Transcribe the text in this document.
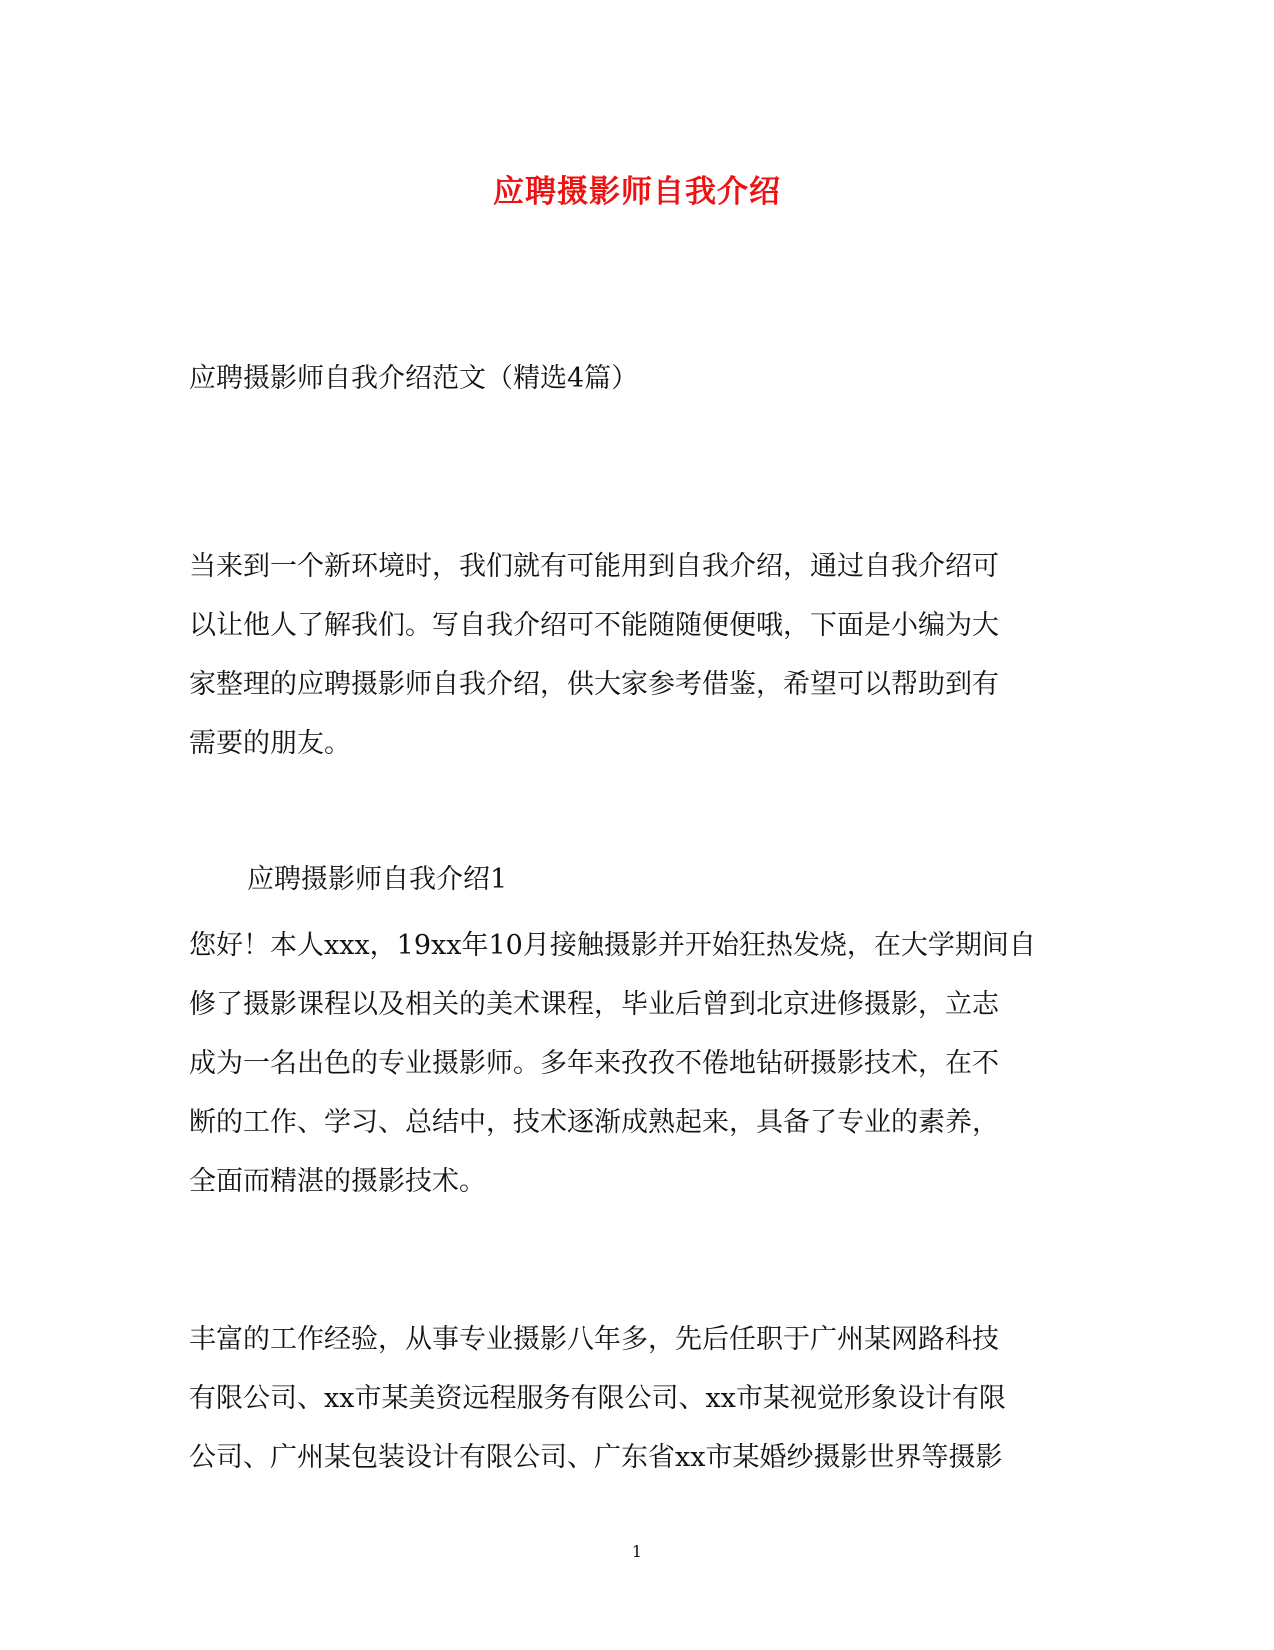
应聘摄影师自我介绍
应聘摄影师自我介绍范文（精选4篇）
当来到一个新环境时，我们就有可能用到自我介绍，通过自我介绍可
以让他人了解我们。写自我介绍可不能随随便便哦，下面是小编为大
家整理的应聘摄影师自我介绍，供大家参考借鉴，希望可以帮助到有
需要的朋友。
应聘摄影师自我介绍1
您好！本人xxx，19xx年10月接触摄影并开始狂热发烧，在大学期间自
修了摄影课程以及相关的美术课程，毕业后曾到北京进修摄影，立志
成为一名出色的专业摄影师。多年来孜孜不倦地钻研摄影技术，在不
断的工作、学习、总结中，技术逐渐成熟起来，具备了专业的素养，
全面而精湛的摄影技术。
丰富的工作经验，从事专业摄影八年多，先后任职于广州某网路科技
有限公司、xx市某美资远程服务有限公司、xx市某视觉形象设计有限
公司、广州某包装设计有限公司、广东省xx市某婚纱摄影世界等摄影
1
